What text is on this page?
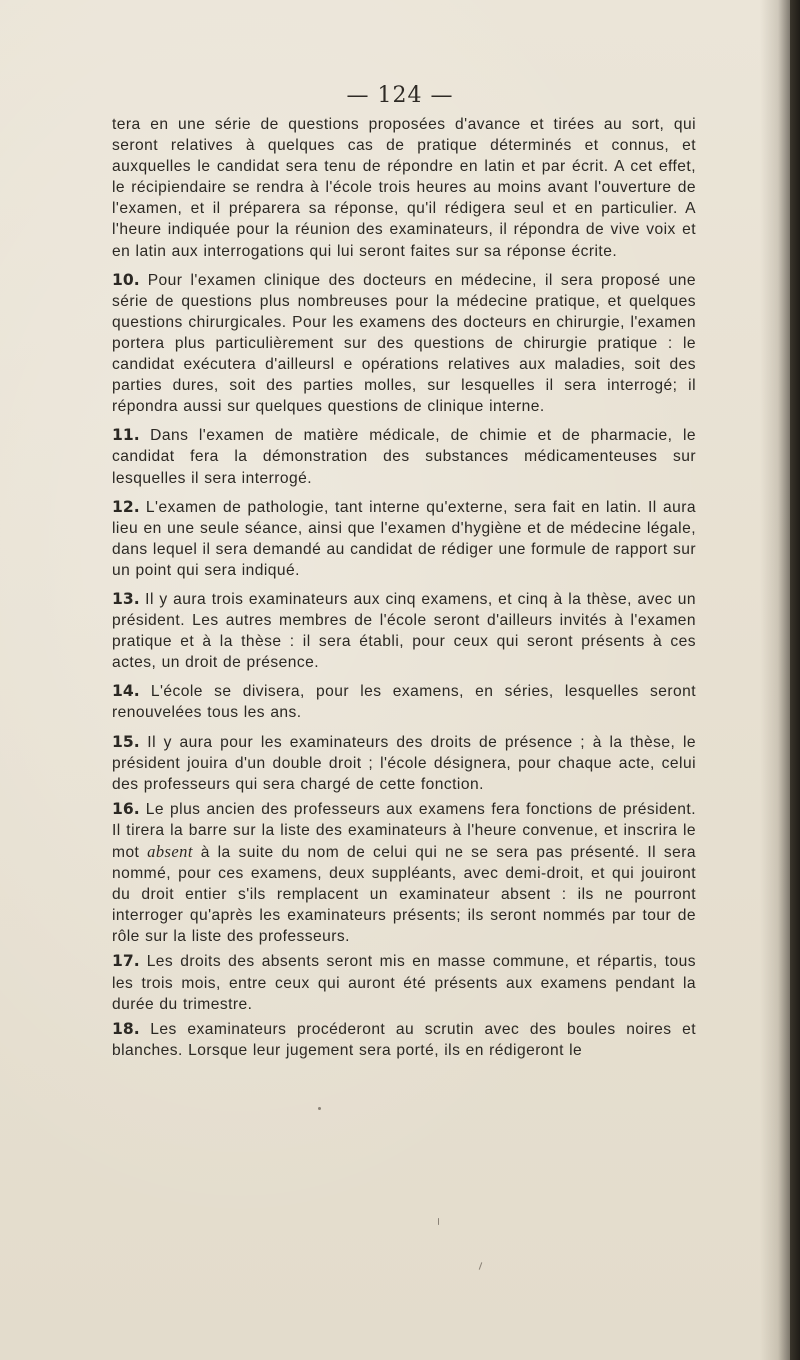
— 124 —

tera en une série de questions proposées d'avance et tirées au sort, qui seront relatives à quelques cas de pratique déterminés et connus, et auxquelles le candidat sera tenu de répondre en latin et par écrit. A cet effet, le récipiendaire se rendra à l'école trois heures au moins avant l'ouverture de l'examen, et il préparera sa réponse, qu'il rédigera seul et en particulier. A l'heure indiquée pour la réunion des examinateurs, il répondra de vive voix et en latin aux interrogations qui lui seront faites sur sa réponse écrite.

10. Pour l'examen clinique des docteurs en médecine, il sera proposé une série de questions plus nombreuses pour la médecine pratique, et quelques questions chirurgicales. Pour les examens des docteurs en chirurgie, l'examen portera plus particulièrement sur des questions de chirurgie pratique : le candidat exécutera d'ailleursl e opérations relatives aux maladies, soit des parties dures, soit des parties molles, sur lesquelles il sera interrogé; il répondra aussi sur quelques questions de clinique interne.

11. Dans l'examen de matière médicale, de chimie et de pharmacie, le candidat fera la démonstration des substances médicamenteuses sur lesquelles il sera interrogé.

12. L'examen de pathologie, tant interne qu'externe, sera fait en latin. Il aura lieu en une seule séance, ainsi que l'examen d'hygiène et de médecine légale, dans lequel il sera demandé au candidat de rédiger une formule de rapport sur un point qui sera indiqué.

13. Il y aura trois examinateurs aux cinq examens, et cinq à la thèse, avec un président. Les autres membres de l'école seront d'ailleurs invités à l'examen pratique et à la thèse : il sera établi, pour ceux qui seront présents à ces actes, un droit de présence.

14. L'école se divisera, pour les examens, en séries, lesquelles seront renouvelées tous les ans.

15. Il y aura pour les examinateurs des droits de présence ; à la thèse, le président jouira d'un double droit ; l'école désignera, pour chaque acte, celui des professeurs qui sera chargé de cette fonction.

16. Le plus ancien des professeurs aux examens fera fonctions de président. Il tirera la barre sur la liste des examinateurs à l'heure convenue, et inscrira le mot absent à la suite du nom de celui qui ne se sera pas présenté. Il sera nommé, pour ces examens, deux suppléants, avec demi-droit, et qui jouiront du droit entier s'ils remplacent un examinateur absent : ils ne pourront interroger qu'après les examinateurs présents; ils seront nommés par tour de rôle sur la liste des professeurs.

17. Les droits des absents seront mis en masse commune, et répartis, tous les trois mois, entre ceux qui auront été présents aux examens pendant la durée du trimestre.

18. Les examinateurs procéderont au scrutin avec des boules noires et blanches. Lorsque leur jugement sera porté, ils en rédigeront le
